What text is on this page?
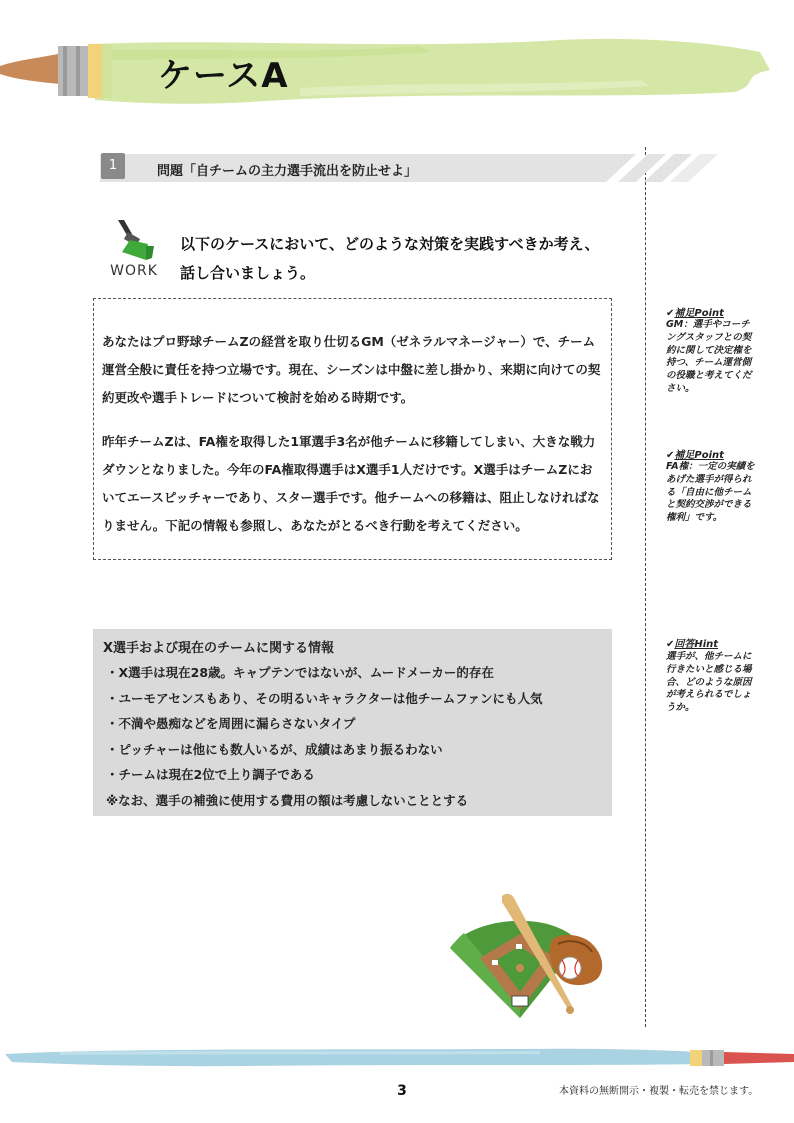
ケースA
1	問題「自チームの主力選手流出を防止せよ」
WORK
以下のケースにおいて、どのような対策を実践すべきか考え、
話し合いましょう。
あなたはプロ野球チームZの経営を取り仕切るGM（ゼネラルマネージャー）で、チーム運営全般に責任を持つ立場です。現在、シーズンは中盤に差し掛かり、来期に向けての契約更改や選手トレードについて検討を始める時期です。
昨年チームZは、FA権を取得した1軍選手3名が他チームに移籍してしまい、大きな戦力ダウンとなりました。今年のFA権取得選手はX選手1人だけです。X選手はチームZにおいてエースピッチャーであり、スター選手です。他チームへの移籍は、阻止しなければなりません。下記の情報も参照し、あなたがとるべき行動を考えてください。
X選手および現在のチームに関する情報
・X選手は現在28歳。キャプテンではないが、ムードメーカー的存在
・ユーモアセンスもあり、その明るいキャラクターは他チームファンにも人気
・不満や愚痴などを周囲に漏らさないタイプ
・ピッチャーは他にも数人いるが、成績はあまり振るわない
・チームは現在2位で上り調子である
※なお、選手の補強に使用する費用の額は考慮しないこととする
✔補足Point
GM：選手やコーチングスタッフとの契約に関して決定権を持つ、チーム運営側の役職と考えてください。
✔補足Point
FA権：一定の実績をあげた選手が得られる「自由に他チームと契約交渉ができる権利」です。
✔回答Hint
選手が、他チームに行きたいと感じる場合、どのような原因が考えられるでしょうか。
3	本資料の無断開示・複製・転売を禁じます。
